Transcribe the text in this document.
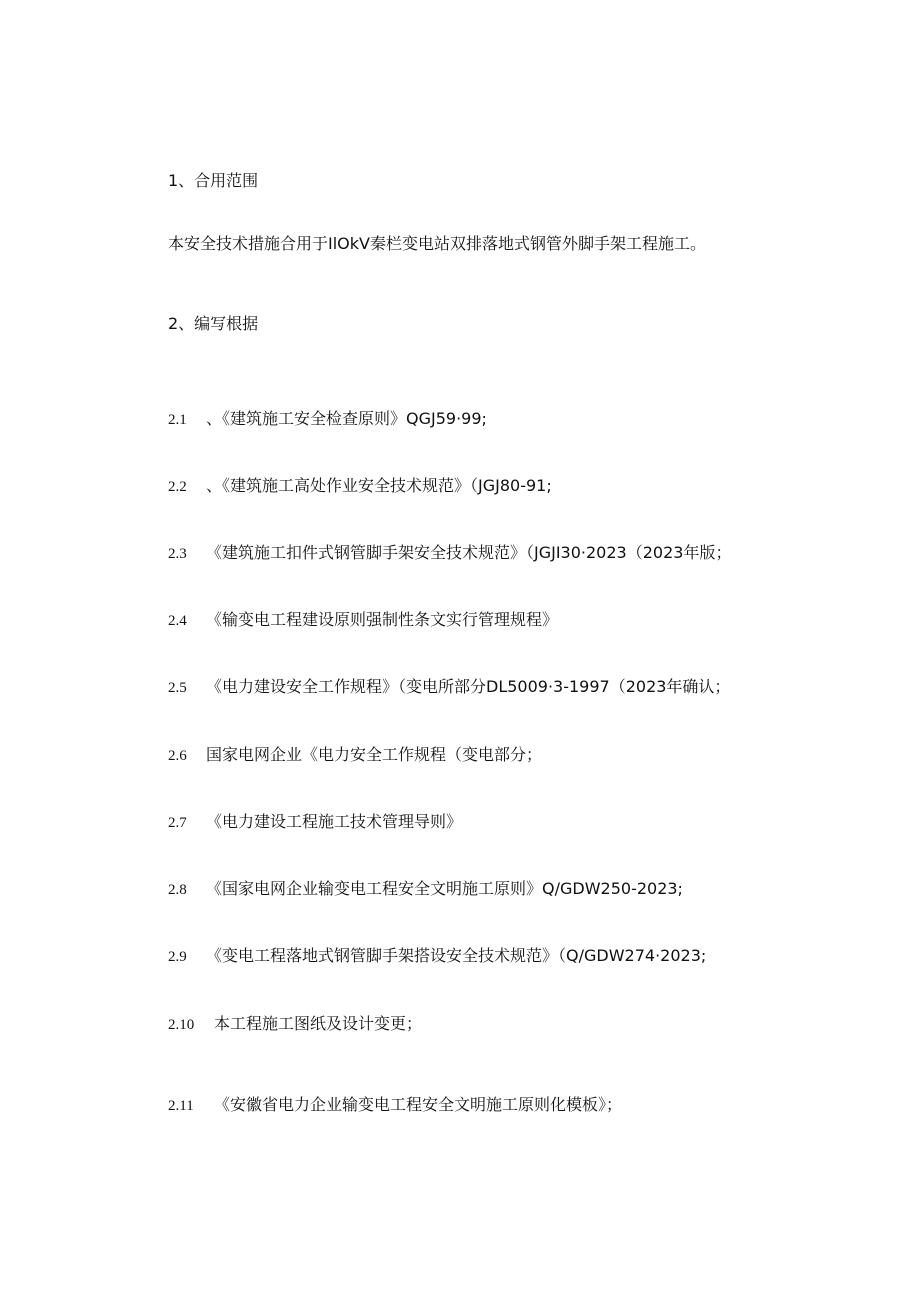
1、合用范围
本安全技术措施合用于IlOkV秦栏变电站双排落地式钢管外脚手架工程施工。
2、编写根据
2.1 、《建筑施工安全检查原则》QGJ59·99;
2.2 、《建筑施工高处作业安全技术规范》（JGJ80-91;
2.3 《建筑施工扣件式钢管脚手架安全技术规范》（JGJI30·2023（2023年版；
2.4 《输变电工程建设原则强制性条文实行管理规程》
2.5 《电力建设安全工作规程》（变电所部分DL5009·3-1997（2023年确认；
2.6 国家电网企业《电力安全工作规程（变电部分；
2.7 《电力建设工程施工技术管理导则》
2.8 《国家电网企业输变电工程安全文明施工原则》Q/GDW250-2023;
2.9 《变电工程落地式钢管脚手架搭设安全技术规范》（Q/GDW274·2023;
2.10 本工程施工图纸及设计变更；
2.11 《安徽省电力企业输变电工程安全文明施工原则化模板》；
